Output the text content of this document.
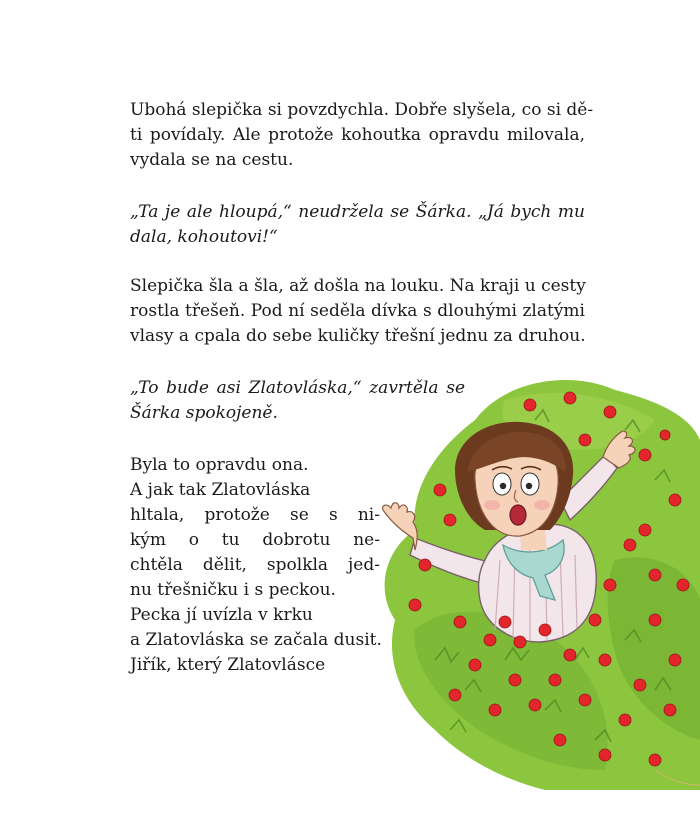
Ubohá slepička si povzdychla. Dobře slyšela, co si dě-
ti povídaly. Ale protože kohoutka opravdu milovala,
vydala se na cestu.

„Ta je ale hloupá,“ neudržela se Šárka. „Já bych mu
dala, kohoutovi!“

Slepička šla a šla, až došla na louku. Na kraji u cesty
rostla třešeň. Pod ní seděla dívka s dlouhými zlatými
vlasy a cpala do sebe kuličky třešní jednu za druhou.

„To bude asi Zlatovláska,“ zavrtěla se
Šárka spokojeně.

Byla to opravdu ona.
A jak tak Zlatovláska
hltala, protože se s ni-
kým o tu dobrotu ne-
chtěla dělit, spolkla jed-
nu třešničku i s peckou.
Pecka jí uvízla v krku
a Zlatovláska se začala dusit.
Jiřík, který Zlatovlásce
